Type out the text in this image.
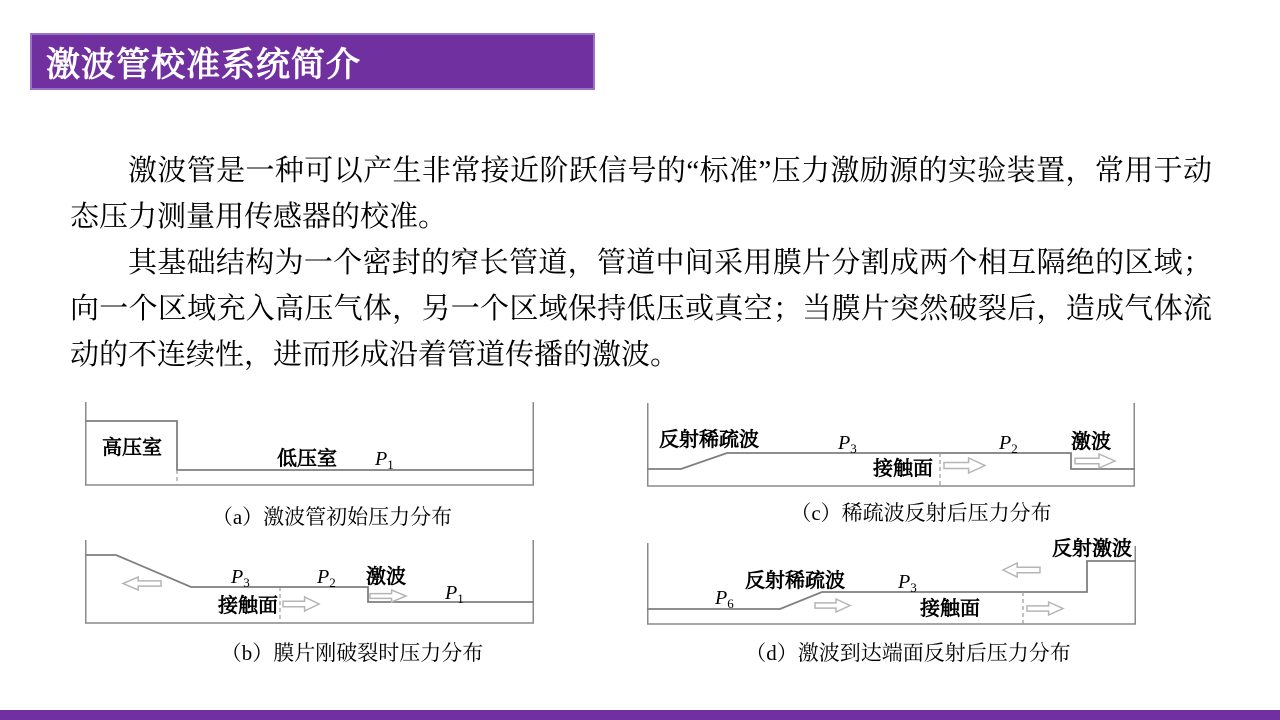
激波管校准系统简介

激波管是一种可以产生非常接近阶跃信号的“标准”压力激励源的实验装置，常用于动态压力测量用传感器的校准。

其基础结构为一个密封的窄长管道，管道中间采用膜片分割成两个相互隔绝的区域；向一个区域充入高压气体，另一个区域保持低压或真空；当膜片突然破裂后，造成气体流动的不连续性，进而形成沿着管道传播的激波。

高压室	低压室 $P_1$
（a）激波管初始压力分布
$P_3$	$P_2$ 激波
$P_1$
接触面
（b）膜片刚破裂时压力分布
反射稀疏波	$P_3$
接触面
$P_2$	激波
（c）稀疏波反射后压力分布
$P_6$
反射稀疏波	$P_3$
接触面
反射激波
（d）激波到达端面反射后压力分布
